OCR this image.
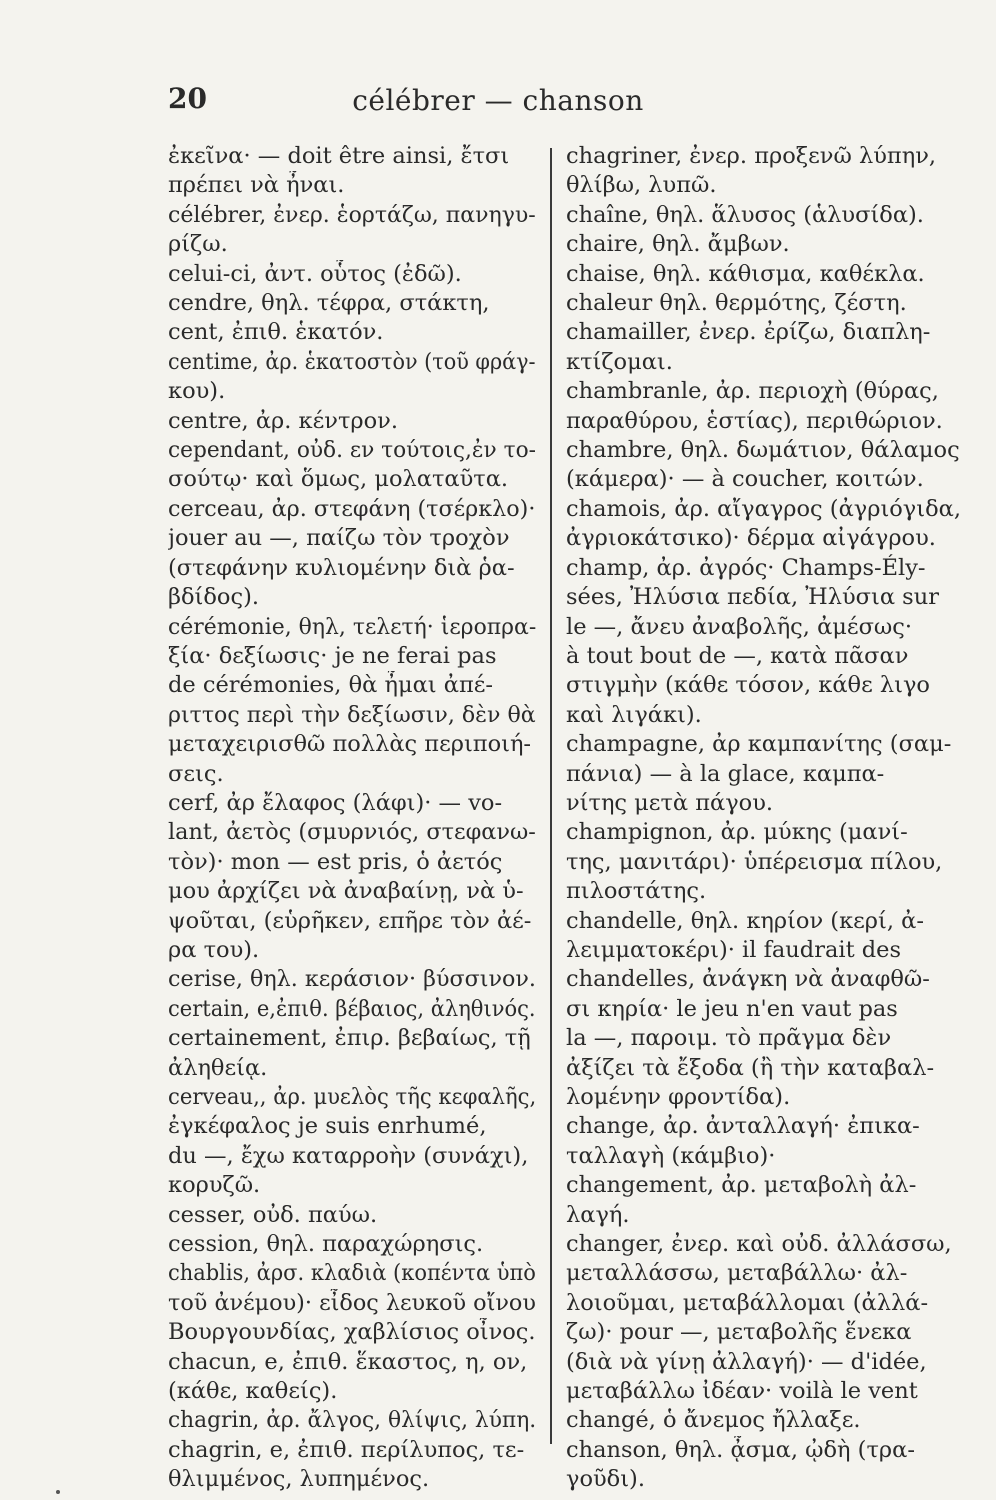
20	célébrer — chanson
ἐκεῖνα· — doit être ainsi, ἔτσι
πρέπει νὰ ἦναι.
célébrer, ἐνερ. ἑορτάζω, πανηγυ-
ρίζω.
celui-ci, ἀντ. οὗτος (ἐδῶ).
cendre, θηλ. τέφρα, στάκτη,
cent, ἐπιθ. ἑκατόν.
centime, ἀρ. ἑκατοστὸν (τοῦ φράγ-
κου).
centre, ἀρ. κέντρον.
cependant, οὐδ. εν τούτοις,ἐν το-
σούτῳ· καὶ ὅμως, μολαταῦτα.
cerceau, ἀρ. στεφάνη (τσέρκλο)·
jouer au —, παίζω τὸν τροχὸν
(στεφάνην κυλιομένην διὰ ῥα-
βδίδος).
cérémonie, θηλ, τελετή· ἱεροπρα-
ξία· δεξίωσις· je ne ferai pas
de cérémonies, θὰ ἦμαι ἀπέ-
ριττος περὶ τὴν δεξίωσιν, δὲν θὰ
μεταχειρισθῶ πολλὰς περιποιή-
σεις.
cerf, ἀρ ἔλαφος (λάφι)· — vo-
lant, ἀετὸς (σμυρνιός, στεφανω-
τὸν)· mon — est pris, ὁ ἀετός
μου ἀρχίζει νὰ ἀναβαίνῃ, νὰ ὑ-
ψοῦται, (εὑρῆκεν, επῆρε τὸν ἀέ-
ρα του).
cerise, θηλ. κεράσιον· βύσσινον.
certain, e,ἐπιθ. βέβαιος, ἀληθινός.
certainement, ἐπιρ. βεβαίως, τῇ
ἀληθείᾳ.
cerveau,, ἀρ. μυελὸς τῆς κεφαλῆς,
ἐγκέφαλος je suis enrhumé,
du —, ἔχω καταρροὴν (συνάχι),
κορυζῶ.
cesser, οὐδ. παύω.
cession, θηλ. παραχώρησις.
chablis, ἀρσ. κλαδιὰ (κοπέντα ὑπὸ
τοῦ ἀνέμου)· εἶδος λευκοῦ οἴνου
Βουργουνδίας, χαβλίσιος οἶνος.
chacun, e, ἐπιθ. ἕκαστος, η, ον,
(κάθε, καθείς).
chagrin, ἀρ. ἄλγος, θλίψις, λύπη.
chagrin, e, ἐπιθ. περίλυπος, τε-
θλιμμένος, λυπημένος.
chagriner, ἐνερ. προξενῶ λύπην,
θλίβω, λυπῶ.
chaîne, θηλ. ἅλυσος (ἁλυσίδα).
chaire, θηλ. ἄμβων.
chaise, θηλ. κάθισμα, καθέκλα.
chaleur θηλ. θερμότης, ζέστη.
chamailler, ἐνερ. ἐρίζω, διαπλη-
κτίζομαι.
chambranle, ἀρ. περιοχὴ (θύρας,
παραθύρου, ἑστίας), περιθώριον.
chambre, θηλ. δωμάτιον, θάλαμος
(κάμερα)· — à coucher, κοιτών.
chamois, ἀρ. αἴγαγρος (ἀγριόγιδα,
ἀγριοκάτσικο)· δέρμα αἰγάγρου.
champ, ἀρ. ἀγρός· Champs-Ély-
sées, Ἠλύσια πεδία, Ἠλύσια sur
le —, ἄνευ ἀναβολῆς, ἀμέσως·
à tout bout de —, κατὰ πᾶσαν
στιγμὴν (κάθε τόσον, κάθε λιγο
καὶ λιγάκι).
champagne, ἀρ καμπανίτης (σαμ-
πάνια) — à la glace, καμπα-
νίτης μετὰ πάγου.
champignon, ἀρ. μύκης (μανί-
της, μανιτάρι)· ὑπέρεισμα πίλου,
πιλοστάτης.
chandelle, θηλ. κηρίον (κερί, ἀ-
λειμματοκέρι)· il faudrait des
chandelles, ἀνάγκη νὰ ἀναφθῶ-
σι κηρία· le jeu n'en vaut pas
la —, παροιμ. τὸ πρᾶγμα δὲν
ἀξίζει τὰ ἔξοδα (ἢ τὴν καταβαλ-
λομένην φροντίδα).
change, ἀρ. ἀνταλλαγή· ἐπικα-
ταλλαγὴ (κάμβιο)·
changement, ἀρ. μεταβολὴ ἀλ-
λαγή.
changer, ἐνερ. καὶ οὐδ. ἀλλάσσω,
μεταλλάσσω, μεταβάλλω· ἀλ-
λοιοῦμαι, μεταβάλλομαι (ἀλλά-
ζω)· pour —, μεταβολῆς ἕνεκα
(διὰ νὰ γίνῃ ἀλλαγή)· — d'idée,
μεταβάλλω ἰδέαν· voilà le vent
changé, ὁ ἄνεμος ἤλλαξε.
chanson, θηλ. ᾆσμα, ᾠδὴ (τρα-
γοῦδι).
